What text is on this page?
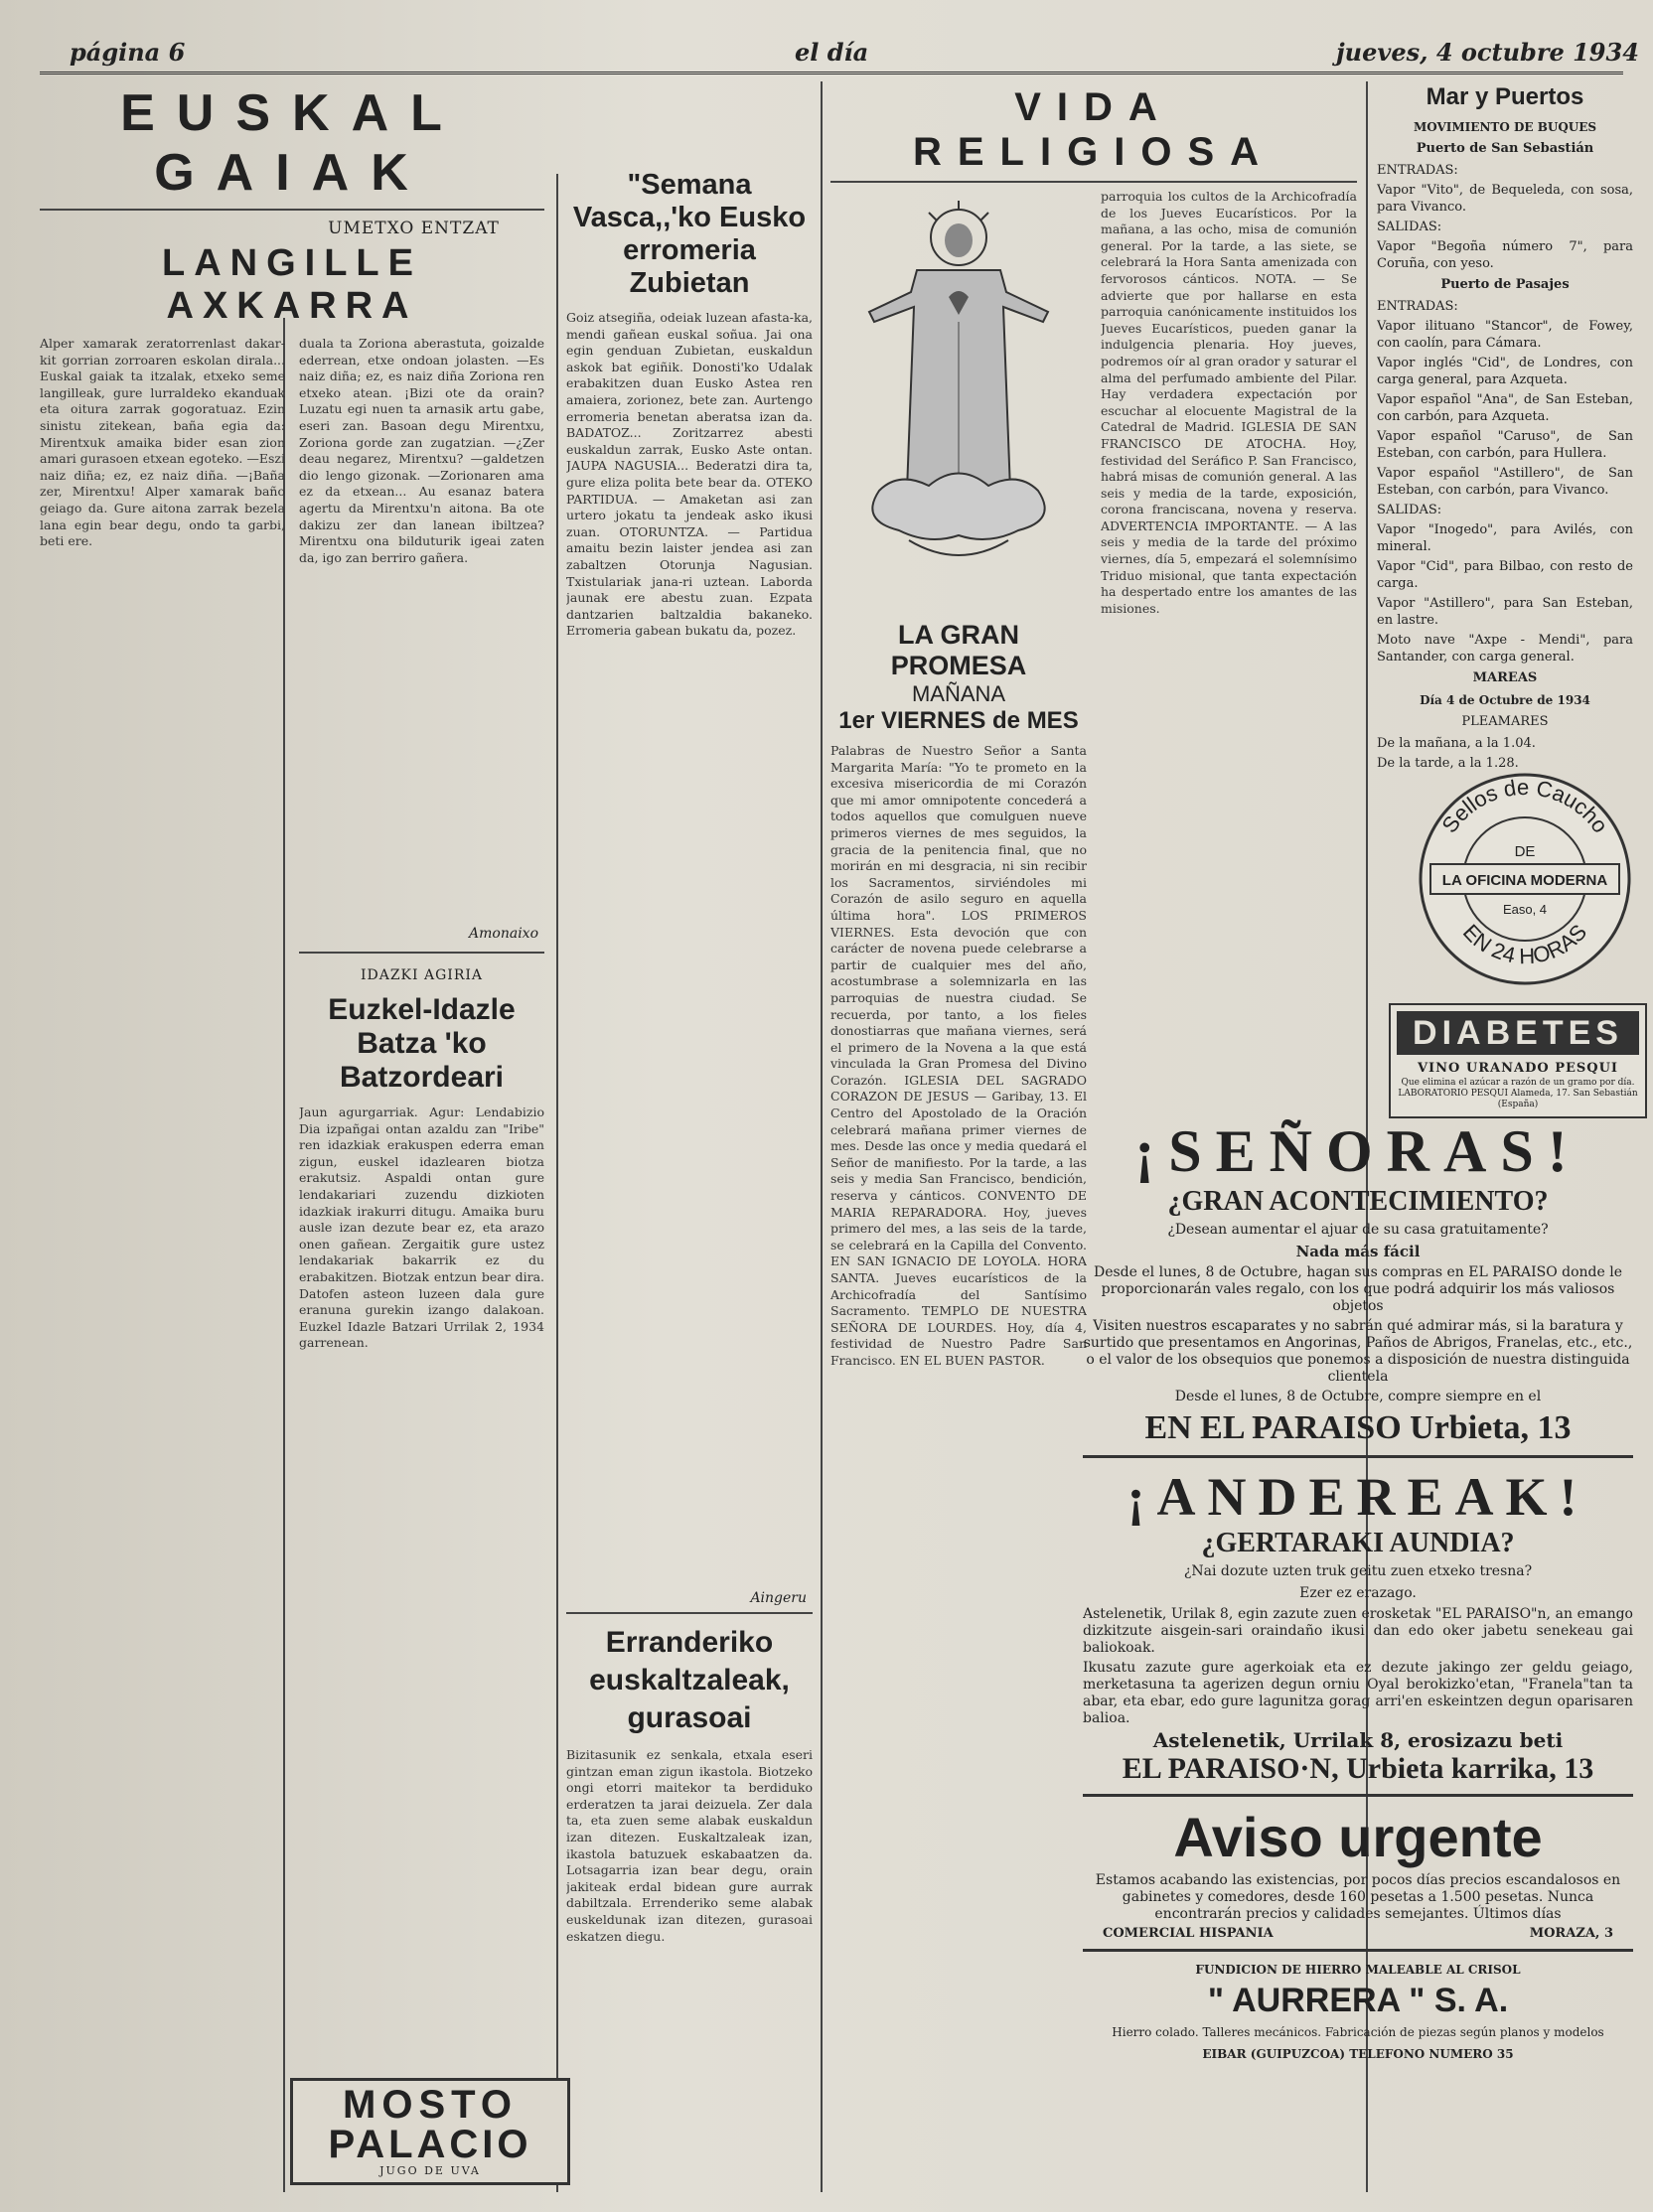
página 6	el día	jueves, 4 octubre 1934
EUSKAL GAIAK
UMETXO ENTZAT
LANGILLE AXKARRA

Alper xamarak zeratorrenlast dakar-kit gorrian zorroaren eskolan dirala... Euskal gaiak ta itzalak, etxeko seme langilleak, gure lurraldeko ekanduak eta oitura zarrak gogoratuaz. Ezin sinistu zitekean, baña egia da: Mirentxuk amaika bider esan zion amari gurasoen etxean egoteko. —Eszi naiz diña; ez, ez naiz diña. —¡Baña zer, Mirentxu! Alper xamarak baño geiago da. Gure aitona zarrak bezela lana egin bear degu, ondo ta garbi, beti ere.

duala ta Zoriona aberastuta, goizalde ederrean, etxe ondoan jolasten. —Es naiz diña; ez, es naiz diña Zoriona ren etxeko atean. ¡Bizi ote da orain? Luzatu egi nuen ta arnasik artu gabe, eseri zan. Basoan degu Mirentxu, Zoriona gorde zan zugatzian. —¿Zer deau negarez, Mirentxu? —galdetzen dio lengo gizonak. —Zorionaren ama ez da etxean... Au esanaz batera agertu da Mirentxu'n aitona. Ba ote dakizu zer dan lanean ibiltzea? Mirentxu ona bilduturik igeai zaten da, igo zan berriro gañera.

Amonaixo
IDAZKI AGIRIA
Euzkel-Idazle Batza 'ko Batzordeari

Jaun agurgarriak. Agur: Lendabizio Dia izpañgai ontan azaldu zan "Iribe" ren idazkiak erakuspen ederra eman zigun, euskel idazlearen biotza erakutsiz. Aspaldi ontan gure lendakariari zuzendu dizkioten idazkiak irakurri ditugu. Amaika buru ausle izan dezute bear ez, eta arazo onen gañean. Zergaitik gure ustez lendakariak bakarrik ez du erabakitzen. Biotzak entzun bear dira. Datofen asteon luzeen dala gure eranuna gurekin izango dalakoan. Euzkel Idazle Batzari Urrilak 2, 1934 garrenean.

MOSTO
PALACIO
JUGO DE UVA
"Semana Vasca,,'ko Eusko erromeria Zubietan

Goiz atsegiña, odeiak luzean afasta-ka, mendi gañean euskal soñua. Jai ona egin genduan Zubietan, euskaldun askok bat egiñik. Donosti'ko Udalak erabakitzen duan Eusko Astea ren amaiera, zorionez, bete zan. Aurtengo erromeria benetan aberatsa izan da. BADATOZ... Zoritzarrez abesti euskaldun zarrak, Eusko Aste ontan. JAUPA NAGUSIA... Bederatzi dira ta, gure eliza polita bete bear da. OTEKO PARTIDUA. — Amaketan asi zan urtero jokatu ta jendeak asko ikusi zuan. OTORUNTZA. — Partidua amaitu bezin laister jendea asi zan zabaltzen Otorunja Nagusian. Txistulariak jana-ri uztean. Laborda jaunak ere abestu zuan. Ezpata dantzarien baltzaldia bakaneko. Erromeria gabean bukatu da, pozez.

Aingeru
Erranderiko euskaltzaleak, gurasoai

Bizitasunik ez senkala, etxala eseri gintzan eman zigun ikastola. Biotzeko ongi etorri maitekor ta berdiduko erderatzen ta jarai deizuela. Zer dala ta, eta zuen seme alabak euskaldun izan ditezen. Euskaltzaleak izan, ikastola batuzuek eskabaatzen da. Lotsagarria izan bear degu, orain jakiteak erdal bidean gure aurrak dabiltzala. Errenderiko seme alabak euskeldunak izan ditezen, gurasoai eskatzen diegu.

VIDA RELIGIOSA
LA GRAN PROMESA
MAÑANA
1er VIERNES de MES

Palabras de Nuestro Señor a Santa Margarita María: "Yo te prometo en la excesiva misericordia de mi Corazón que mi amor omnipotente concederá a todos aquellos que comulguen nueve primeros viernes de mes seguidos, la gracia de la penitencia final, que no morirán en mi desgracia, ni sin recibir los Sacramentos, sirviéndoles mi Corazón de asilo seguro en aquella última hora". LOS PRIMEROS VIERNES. Esta devoción que con carácter de novena puede celebrarse a partir de cualquier mes del año, acostumbrase a solemnizarla en las parroquias de nuestra ciudad. Se recuerda, por tanto, a los fieles donostiarras que mañana viernes, será el primero de la Novena a la que está vinculada la Gran Promesa del Divino Corazón. IGLESIA DEL SAGRADO CORAZON DE JESUS — Garibay, 13. El Centro del Apostolado de la Oración celebrará mañana primer viernes de mes. Desde las once y media quedará el Señor de manifiesto. Por la tarde, a las seis y media San Francisco, bendición, reserva y cánticos. CONVENTO DE MARIA REPARADORA. Hoy, jueves primero del mes, a las seis de la tarde, se celebrará en la Capilla del Convento. EN SAN IGNACIO DE LOYOLA. HORA SANTA. Jueves eucarísticos de la Archicofradía del Santísimo Sacramento. TEMPLO DE NUESTRA SEÑORA DE LOURDES. Hoy, día 4, festividad de Nuestro Padre San Francisco. EN EL BUEN PASTOR.

parroquia los cultos de la Archicofradía de los Jueves Eucarísticos. Por la mañana, a las ocho, misa de comunión general. Por la tarde, a las siete, se celebrará la Hora Santa amenizada con fervorosos cánticos. NOTA. — Se advierte que por hallarse en esta parroquia canónicamente instituidos los Jueves Eucarísticos, pueden ganar la indulgencia plenaria. Hoy jueves, podremos oír al gran orador y saturar el alma del perfumado ambiente del Pilar. Hay verdadera expectación por escuchar al elocuente Magistral de la Catedral de Madrid. IGLESIA DE SAN FRANCISCO DE ATOCHA. Hoy, festividad del Seráfico P. San Francisco, habrá misas de comunión general. A las seis y media de la tarde, exposición, corona franciscana, novena y reserva. ADVERTENCIA IMPORTANTE. — A las seis y media de la tarde del próximo viernes, día 5, empezará el solemnísimo Triduo misional, que tanta expectación ha despertado entre los amantes de las misiones.

Mar y Puertos
MOVIMIENTO DE BUQUES
Puerto de San Sebastián
ENTRADAS:
Vapor "Vito", de Bequeleda, con sosa, para Vivanco.
SALIDAS:
Vapor "Begoña número 7", para Coruña, con yeso.
Puerto de Pasajes
ENTRADAS:
Vapor ilituano "Stancor", de Fowey, con caolín, para Cámara.
Vapor inglés "Cid", de Londres, con carga general, para Azqueta.
Vapor español "Ana", de San Esteban, con carbón, para Azqueta.
Vapor español "Caruso", de San Esteban, con carbón, para Hullera.
Vapor español "Astillero", de San Esteban, con carbón, para Vivanco.
SALIDAS:
Vapor "Inogedo", para Avilés, con mineral.
Vapor "Cid", para Bilbao, con resto de carga.
Vapor "Astillero", para San Esteban, en lastre.
Moto nave "Axpe - Mendi", para Santander, con carga general.
MAREAS
Día 4 de Octubre de 1934
PLEAMARES
De la mañana, a la 1.04.
De la tarde, a la 1.28.
Sellos de Caucho
DE
LA OFICINA MODERNA
Easo, 4
EN 24 HORAS
DIABETES
VINO URANADO PESQUI
Que elimina el azúcar a razón de un gramo por día. LABORATORIO PESQUI Alameda, 17. San Sebastián (España)
¡SEÑORAS!
¿GRAN ACONTECIMIENTO?
¿Desean aumentar el ajuar de su casa gratuitamente?
Nada más fácil
Desde el lunes, 8 de Octubre, hagan sus compras en EL PARAISO donde le proporcionarán vales regalo, con los que podrá adquirir los más valiosos objetos
Visiten nuestros escaparates y no sabrán qué admirar más, si la baratura y surtido que presentamos en Angorinas, Paños de Abrigos, Franelas, etc., etc., o el valor de los obsequios que ponemos a disposición de nuestra distinguida clientela
Desde el lunes, 8 de Octubre, compre siempre en el
EN EL PARAISO Urbieta, 13
¡ANDEREAK!
¿GERTARAKI AUNDIA?
¿Nai dozute uzten truk geitu zuen etxeko tresna?
Ezer ez erazago.
Astelenetik, Urilak 8, egin zazute zuen erosketak "EL PARAISO"n, an emango dizkitzute aisgein-sari oraindaño ikusi dan edo oker jabetu senekeau gai baliokoak.
Ikusatu zazute gure agerkoiak eta ez dezute jakingo zer geldu geiago, merketasuna ta agerizen degun orniu Oyal berokizko'etan, "Franela"tan ta abar, eta ebar, edo gure lagunitza gorag arri'en eskeintzen degun oparisaren balioa.
Astelenetik, Urrilak 8, erosizazu beti
EL PARAISO·N, Urbieta karrika, 13
Aviso urgente
Estamos acabando las existencias, por pocos días precios escandalosos en gabinetes y comedores, desde 160 pesetas a 1.500 pesetas. Nunca encontrarán precios y calidades semejantes. Últimos días
COMERCIAL HISPANIA	MORAZA, 3
FUNDICION DE HIERRO MALEABLE AL CRISOL
" AURRERA " S. A.
Hierro colado. Talleres mecánicos. Fabricación de piezas según planos y modelos
EIBAR (GUIPUZCOA) TELEFONO NUMERO 35
